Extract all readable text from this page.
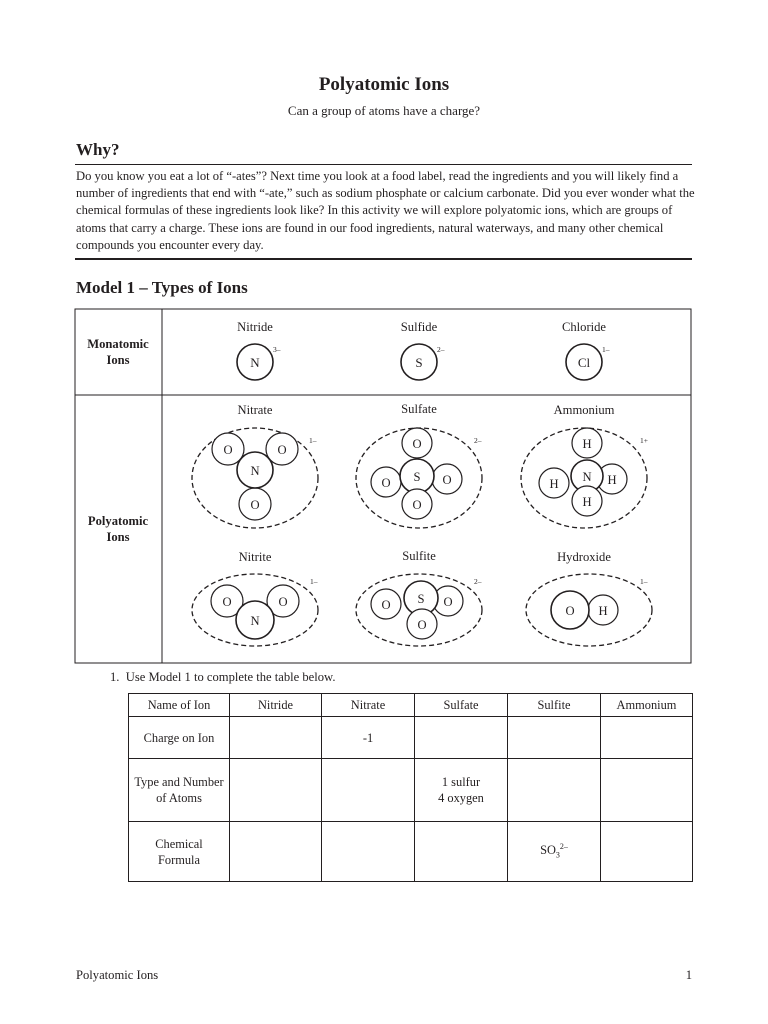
Polyatomic Ions
Can a group of atoms have a charge?
Why?
Do you know you eat a lot of “-ates”? Next time you look at a food label, read the ingredients and you will likely find a number of ingredients that end with “-ate,” such as sodium phosphate or calcium carbonate. Did you ever wonder what the chemical formulas of these ingredients look like? In this activity we will explore polyatomic ions, which are groups of atoms that carry a charge. These ions are found in our food ingredients, natural waterways, and many other chemical compounds you encounter every day.
Model 1 – Types of Ions
Monatomic Ions
Polyatomic Ions
Nitride
N
3–
Sulfide
S
2–
Chloride
Cl
1–
Nitrate
1–
O	O
O
N
Sulfate
2–
O
O	O
S
O
Ammonium
1+
H
H	H
N
H
Nitrite
1–
O	O
N
Sulfite
2–
O	O
S
O
Hydroxide
1–
H
O
1. Use Model 1 to complete the table below.
Name of Ion	Nitride	Nitrate	Sulfate	Sulfite	Ammonium
Charge on Ion		-1			
Type and Number of Atoms			1 sulfur
4 oxygen		
Chemical Formula				$SO_3^{2-}$	
Polyatomic Ions	1
